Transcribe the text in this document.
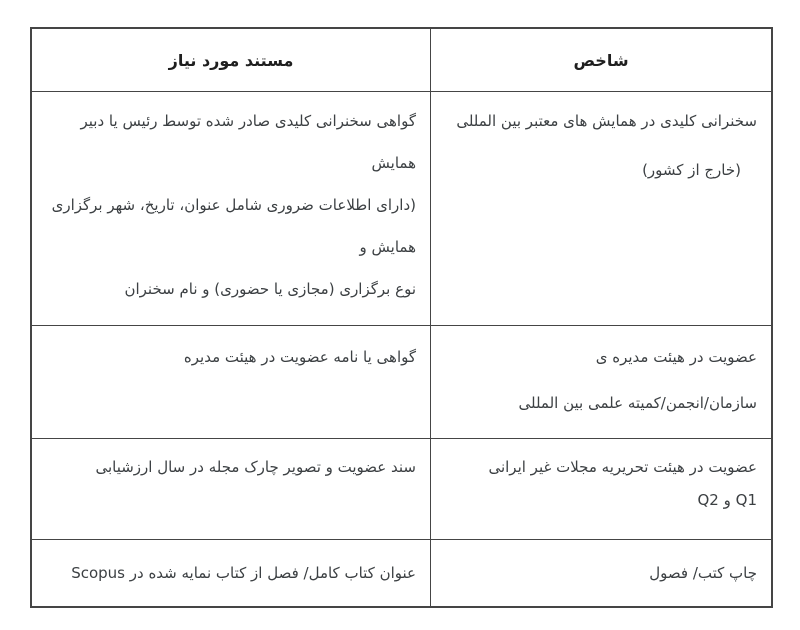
شاخص
مستند مورد نیاز
سخنرانی کلیدی در همایش های معتبر بین المللی
(خارج از کشور)
گواهی سخنرانی کلیدی صادر شده توسط رئیس یا دبیر
همایش
(دارای اطلاعات ضروری شامل عنوان، تاریخ، شهر برگزاری
همایش و
نوع برگزاری (مجازی یا حضوری) و نام سخنران
عضویت در هیئت مدیره ی
سازمان/انجمن/کمیته علمی بین المللی
گواهی یا نامه عضویت در هیئت مدیره
عضویت در هیئت تحریریه مجلات غیر ایرانی
Q1 و Q2
سند عضویت و تصویر چارک مجله در سال ارزشیابی
چاپ کتب/ فصول
عنوان کتاب کامل/ فصل از کتاب نمایه شده در Scopus
